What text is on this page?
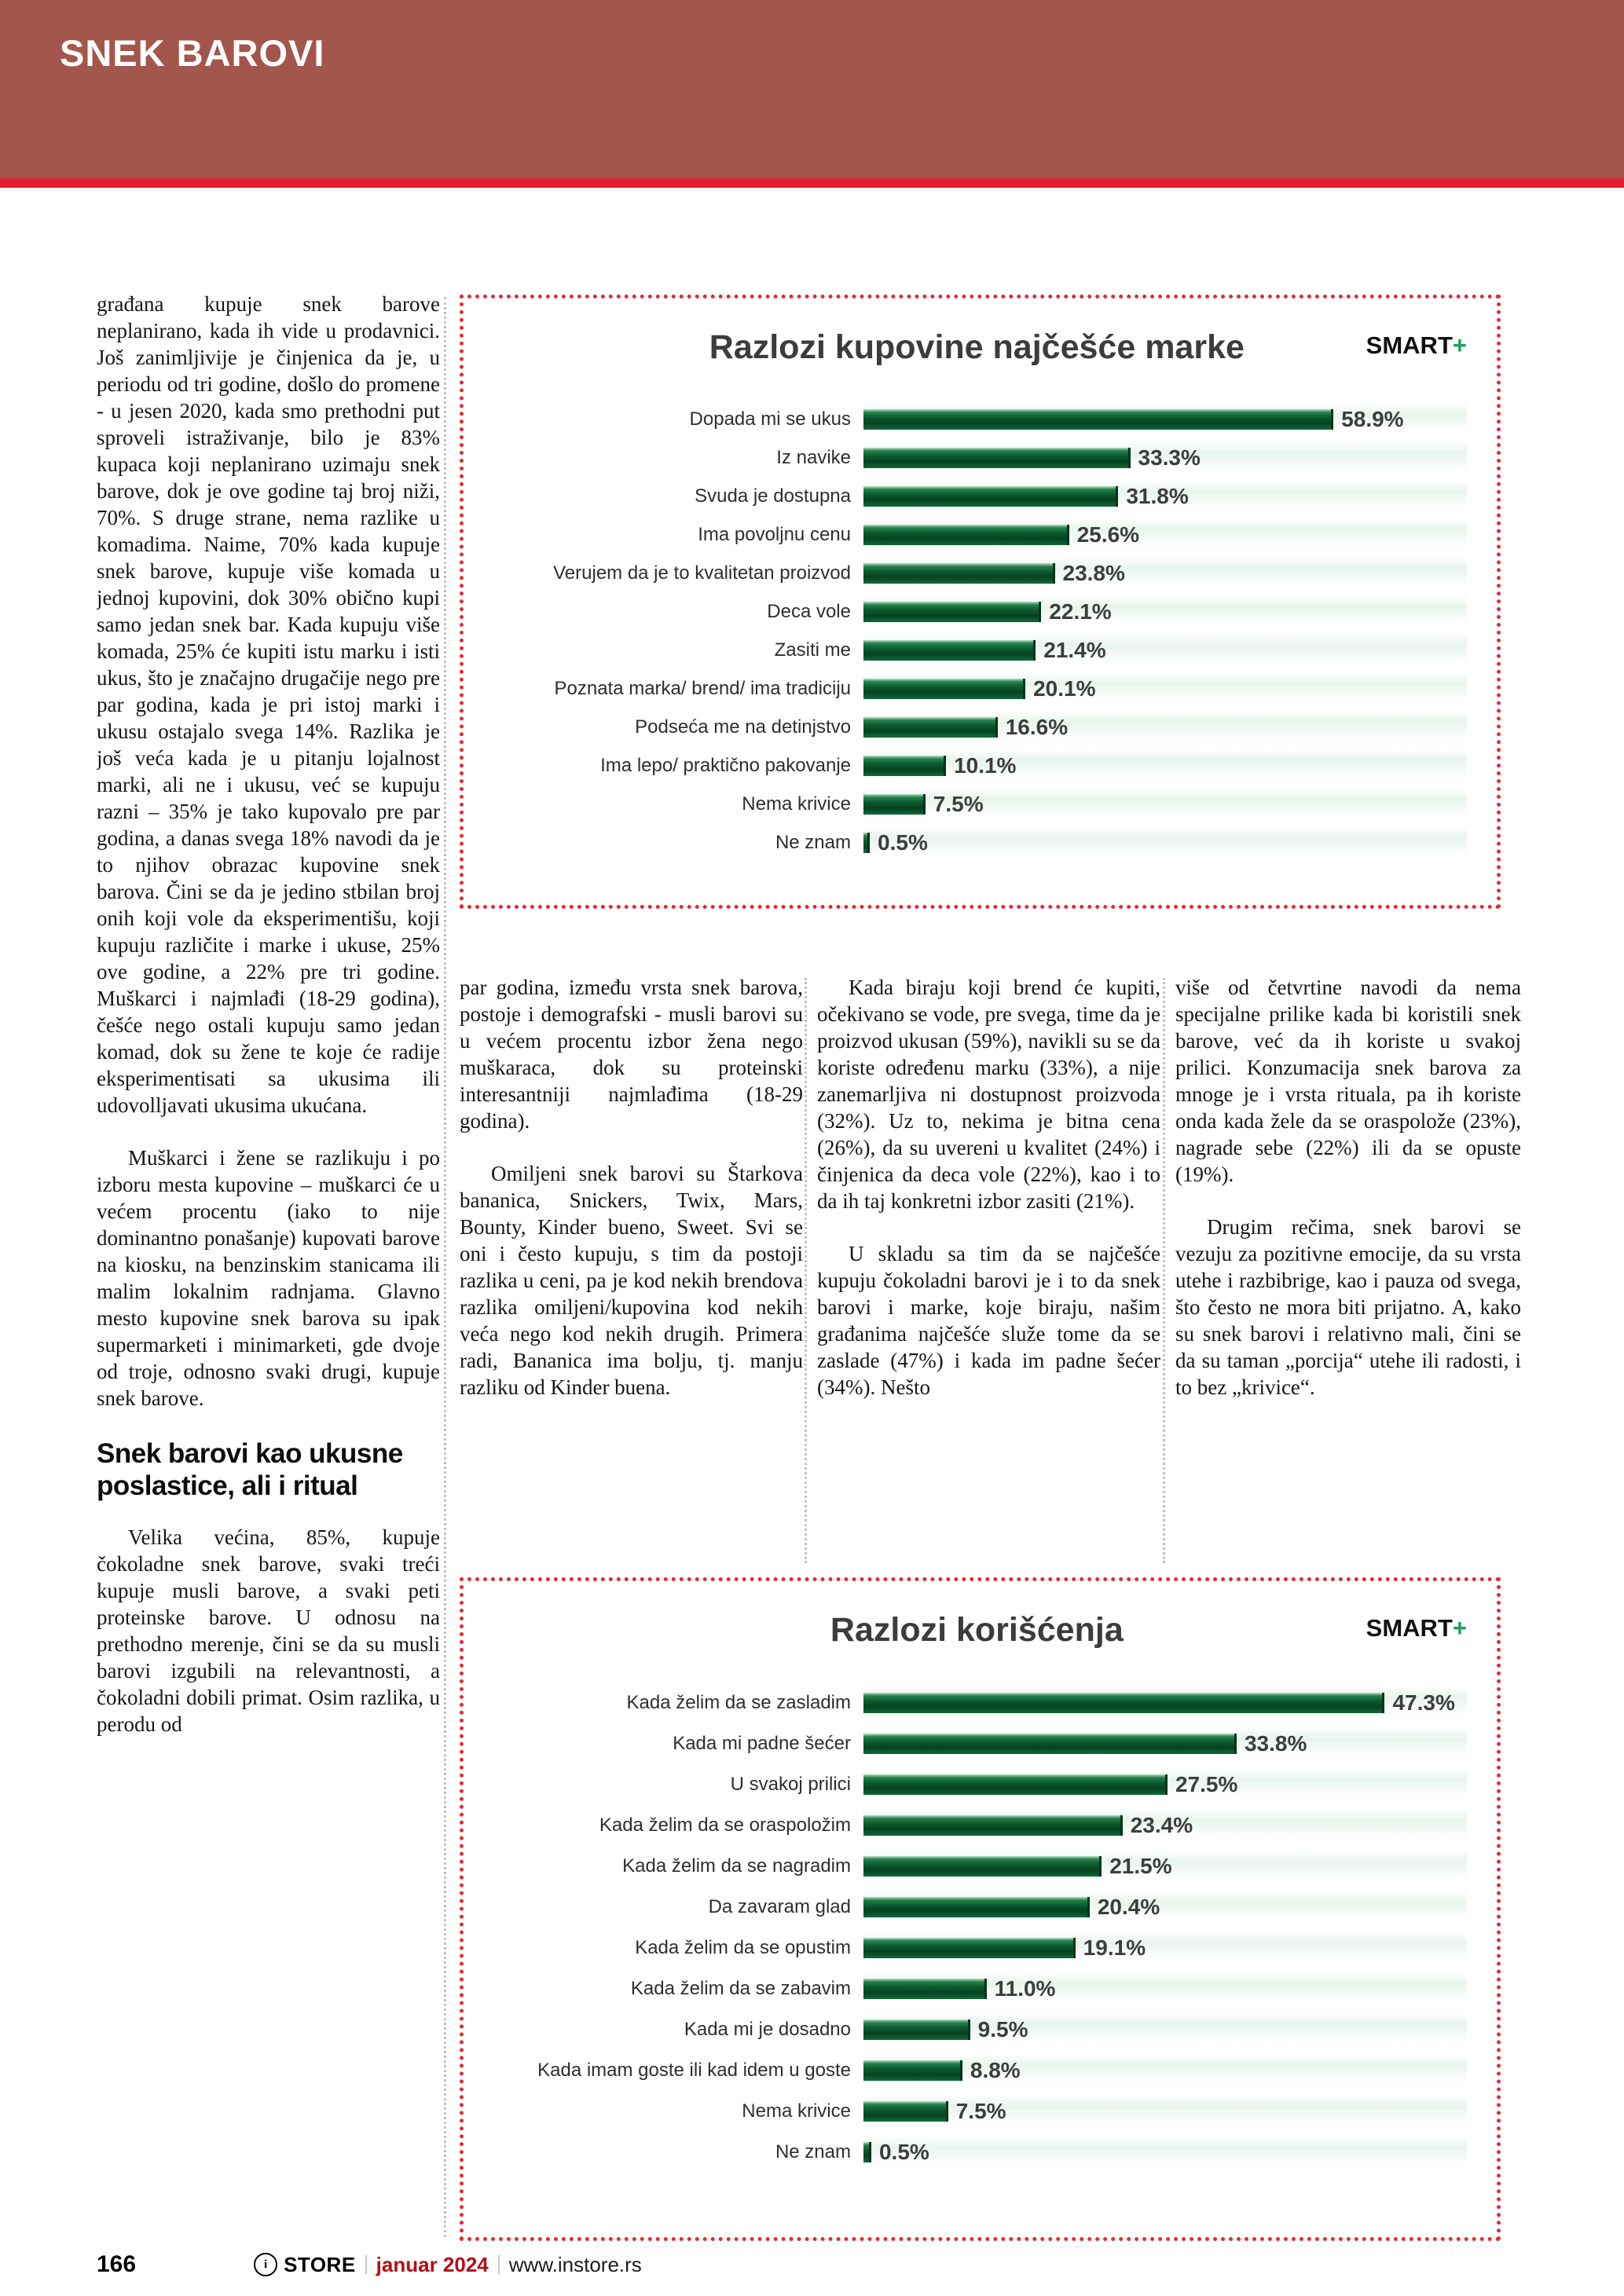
SNEK BAROVI

građana kupuje snek barove neplanirano, kada ih vide u prodavnici. Još zanimljivije je činjenica da je, u periodu od tri godine, došlo do promene - u jesen 2020, kada smo prethodni put sproveli istraživanje, bilo je 83% kupaca koji neplanirano uzimaju snek barove, dok je ove godine taj broj niži, 70%. S druge strane, nema razlike u komadima. Naime, 70% kada kupuje snek barove, kupuje više komada u jednoj kupovini, dok 30% obično kupi samo jedan snek bar. Kada kupuju više komada, 25% će kupiti istu marku i isti ukus, što je značajno drugačije nego pre par godina, kada je pri istoj marki i ukusu ostajalo svega 14%. Razlika je još veća kada je u pitanju lojalnost marki, ali ne i ukusu, već se kupuju razni – 35% je tako kupovalo pre par godina, a danas svega 18% navodi da je to njihov obrazac kupovine snek barova. Čini se da je jedino stbilan broj onih koji vole da eksperimentišu, koji kupuju različite i marke i ukuse, 25% ove godine, a 22% pre tri godine. Muškarci i najmlađi (18-29 godina), češće nego ostali kupuju samo jedan komad, dok su žene te koje će radije eksperimentisati sa ukusima ili udovolljavati ukusima ukućana.

Muškarci i žene se razlikuju i po izboru mesta kupovine – muškarci će u većem procentu (iako to nije dominantno ponašanje) kupovati barove na kiosku, na benzinskim stanicama ili malim lokalnim radnjama. Glavno mesto kupovine snek barova su ipak supermarketi i minimarketi, gde dvoje od troje, odnosno svaki drugi, kupuje snek barove.

Snek barovi kao ukusne poslastice, ali i ritual

Velika većina, 85%, kupuje čokoladne snek barove, svaki treći kupuje musli barove, a svaki peti proteinske barove. U odnosu na prethodno merenje, čini se da su musli barovi izgubili na relevantnosti, a čokoladni dobili primat. Osim razlika, u perodu od

par godina, između vrsta snek barova, postoje i demografski - musli barovi su u većem procentu izbor žena nego muškaraca, dok su proteinski interesantniji najmlađima (18-29 godina).

Omiljeni snek barovi su Štarkova bananica, Snickers, Twix, Mars, Bounty, Kinder bueno, Sweet. Svi se oni i često kupuju, s tim da postoji razlika u ceni, pa je kod nekih brendova razlika omiljeni/kupovina kod nekih veća nego kod nekih drugih. Primera radi, Bananica ima bolju, tj. manju razliku od Kinder buena.

Kada biraju koji brend će kupiti, očekivano se vode, pre svega, time da je proizvod ukusan (59%), navikli su se da koriste određenu marku (33%), a nije zanemarljiva ni dostupnost proizvoda (32%). Uz to, nekima je bitna cena (26%), da su uvereni u kvalitet (24%) i činjenica da deca vole (22%), kao i to da ih taj konkretni izbor zasiti (21%).

U skladu sa tim da se najčešće kupuju čokoladni barovi je i to da snek barovi i marke, koje biraju, našim građanima najčešće služe tome da se zaslade (47%) i kada im padne šećer (34%). Nešto

više od četvrtine navodi da nema specijalne prilike kada bi koristili snek barove, već da ih koriste u svakoj prilici. Konzumacija snek barova za mnoge je i vrsta rituala, pa ih koriste onda kada žele da se oraspolože (23%), nagrade sebe (22%) ili da se opuste (19%).

Drugim rečima, snek barovi se vezuju za pozitivne emocije, da su vrsta utehe i razbibrige, kao i pauza od svega, što često ne mora biti prijatno. A, kako su snek barovi i relativno mali, čini se da su taman „porcija“ utehe ili radosti, i to bez „krivice“.

Razlozi kupovine najčešće marke	SMART+
Dopada mi se ukus	58.9%
Iz navike	33.3%
Svuda je dostupna	31.8%
Ima povoljnu cenu	25.6%
Verujem da je to kvalitetan proizvod	23.8%
Deca vole	22.1%
Zasiti me	21.4%
Poznata marka/ brend/ ima tradiciju	20.1%
Podseća me na detinjstvo	16.6%
Ima lepo/ praktično pakovanje	10.1%
Nema krivice	7.5%
Ne znam	0.5%
Razlozi korišćenja	SMART+
Kada želim da se zasladim	47.3%
Kada mi padne šećer	33.8%
U svakoj prilici	27.5%
Kada želim da se oraspoložim	23.4%
Kada želim da se nagradim	21.5%
Da zavaram glad	20.4%
Kada želim da se opustim	19.1%
Kada želim da se zabavim	11.0%
Kada mi je dosadno	9.5%
Kada imam goste ili kad idem u goste	8.8%
Nema krivice	7.5%
Ne znam	0.5%
166	i STORE januar 2024 www.instore.rs
